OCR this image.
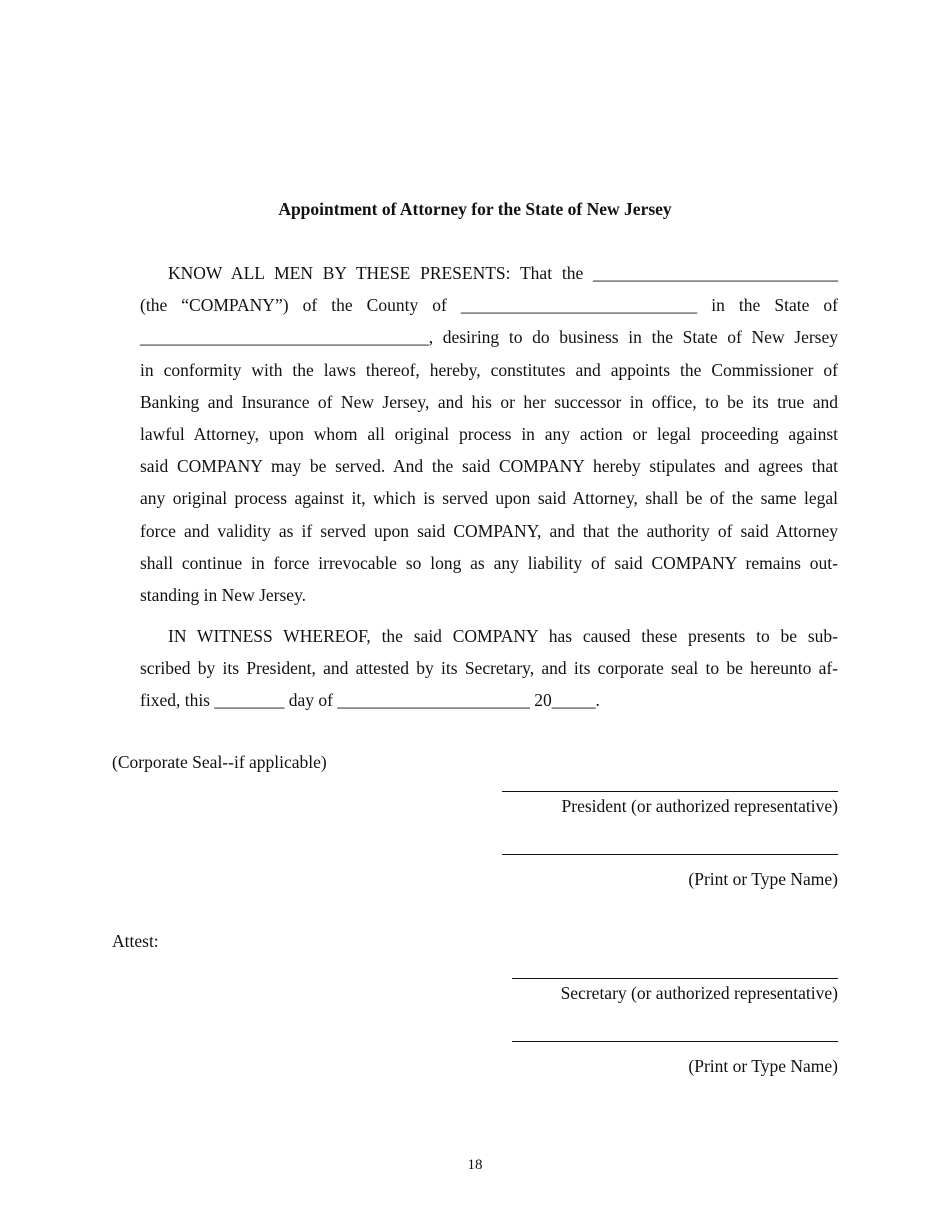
Appointment of Attorney for the State of New Jersey
KNOW ALL MEN BY THESE PRESENTS: That the ____________________________
(the “COMPANY”) of the County of ___________________________ in the State of
_________________________________, desiring to do business in the State of New Jersey
in conformity with the laws thereof, hereby, constitutes and appoints the Commissioner of
Banking and Insurance of New Jersey, and his or her successor in office, to be its true and
lawful Attorney, upon whom all original process in any action or legal proceeding against
said COMPANY may be served. And the said COMPANY hereby stipulates and agrees that
any original process against it, which is served upon said Attorney, shall be of the same legal
force and validity as if served upon said COMPANY, and that the authority of said Attorney
shall continue in force irrevocable so long as any liability of said COMPANY remains out-
standing in New Jersey.
IN WITNESS WHEREOF, the said COMPANY has caused these presents to be sub-
scribed by its President, and attested by its Secretary, and its corporate seal to be hereunto af-
fixed, this ________ day of ______________________ 20_____.
(Corporate Seal--if applicable)
President (or authorized representative)
(Print or Type Name)
Attest:
Secretary (or authorized representative)
(Print or Type Name)
18
